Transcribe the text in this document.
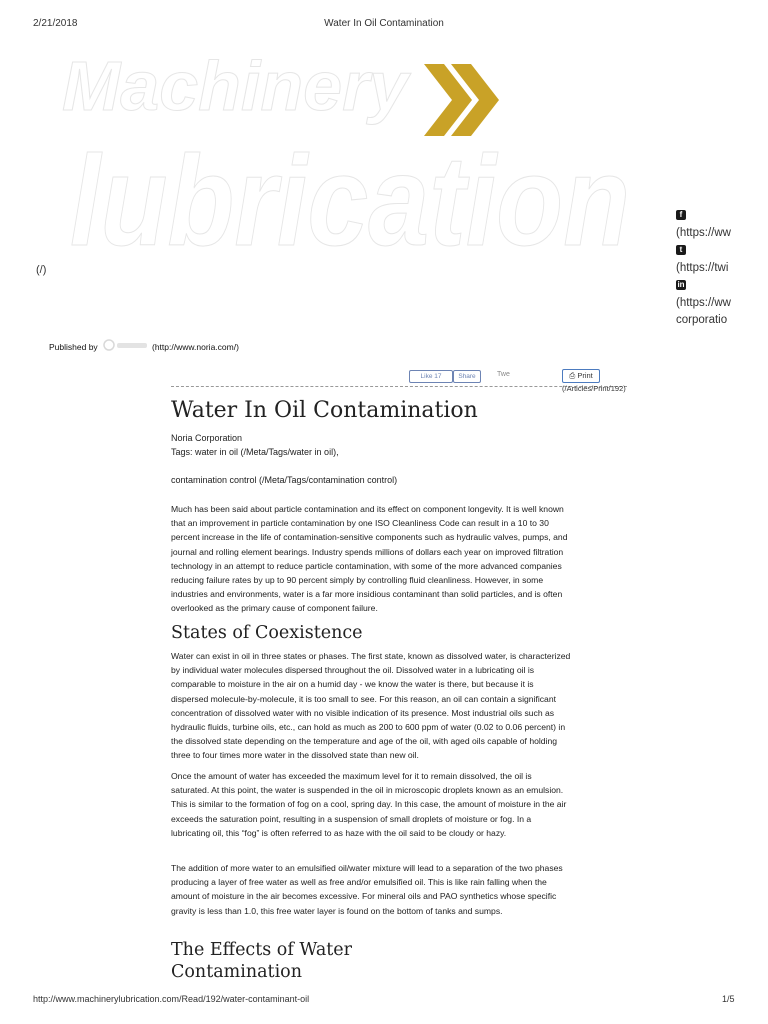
2/21/2018	Water In Oil Contamination
Machinery
lubrication
(/)
f
(https://ww
t
(https://twi
in
(https://ww
corporatio
Published by	(http://www.noria.com/)
Like 17	Share	Twe	⎙ Print
(/Articles/Print/192)
Water In Oil Contamination
Noria Corporation
Tags: water in oil (/Meta/Tags/water in oil),
contamination control (/Meta/Tags/contamination control)

Much has been said about particle contamination and its effect on component longevity. It is well known that an improvement in particle contamination by one ISO Cleanliness Code can result in a 10 to 30 percent increase in the life of contamination-sensitive components such as hydraulic valves, pumps, and journal and rolling element bearings. Industry spends millions of dollars each year on improved filtration technology in an attempt to reduce particle contamination, with some of the more advanced companies reducing failure rates by up to 90 percent simply by controlling fluid cleanliness. However, in some industries and environments, water is a far more insidious contaminant than solid particles, and is often overlooked as the primary cause of component failure.

States of Coexistence

Water can exist in oil in three states or phases. The first state, known as dissolved water, is characterized by individual water molecules dispersed throughout the oil. Dissolved water in a lubricating oil is comparable to moisture in the air on a humid day - we know the water is there, but because it is dispersed molecule-by-molecule, it is too small to see. For this reason, an oil can contain a significant concentration of dissolved water with no visible indication of its presence. Most industrial oils such as hydraulic fluids, turbine oils, etc., can hold as much as 200 to 600 ppm of water (0.02 to 0.06 percent) in the dissolved state depending on the temperature and age of the oil, with aged oils capable of holding three to four times more water in the dissolved state than new oil.

Once the amount of water has exceeded the maximum level for it to remain dissolved, the oil is saturated. At this point, the water is suspended in the oil in microscopic droplets known as an emulsion. This is similar to the formation of fog on a cool, spring day. In this case, the amount of moisture in the air exceeds the saturation point, resulting in a suspension of small droplets of moisture or fog. In a lubricating oil, this “fog” is often referred to as haze with the oil said to be cloudy or hazy.

The addition of more water to an emulsified oil/water mixture will lead to a separation of the two phases producing a layer of free water as well as free and/or emulsified oil. This is like rain falling when the amount of moisture in the air becomes excessive. For mineral oils and PAO synthetics whose specific gravity is less than 1.0, this free water layer is found on the bottom of tanks and sumps.

The Effects of Water
Contamination
http://www.machinerylubrication.com/Read/192/water-contaminant-oil	1/5
